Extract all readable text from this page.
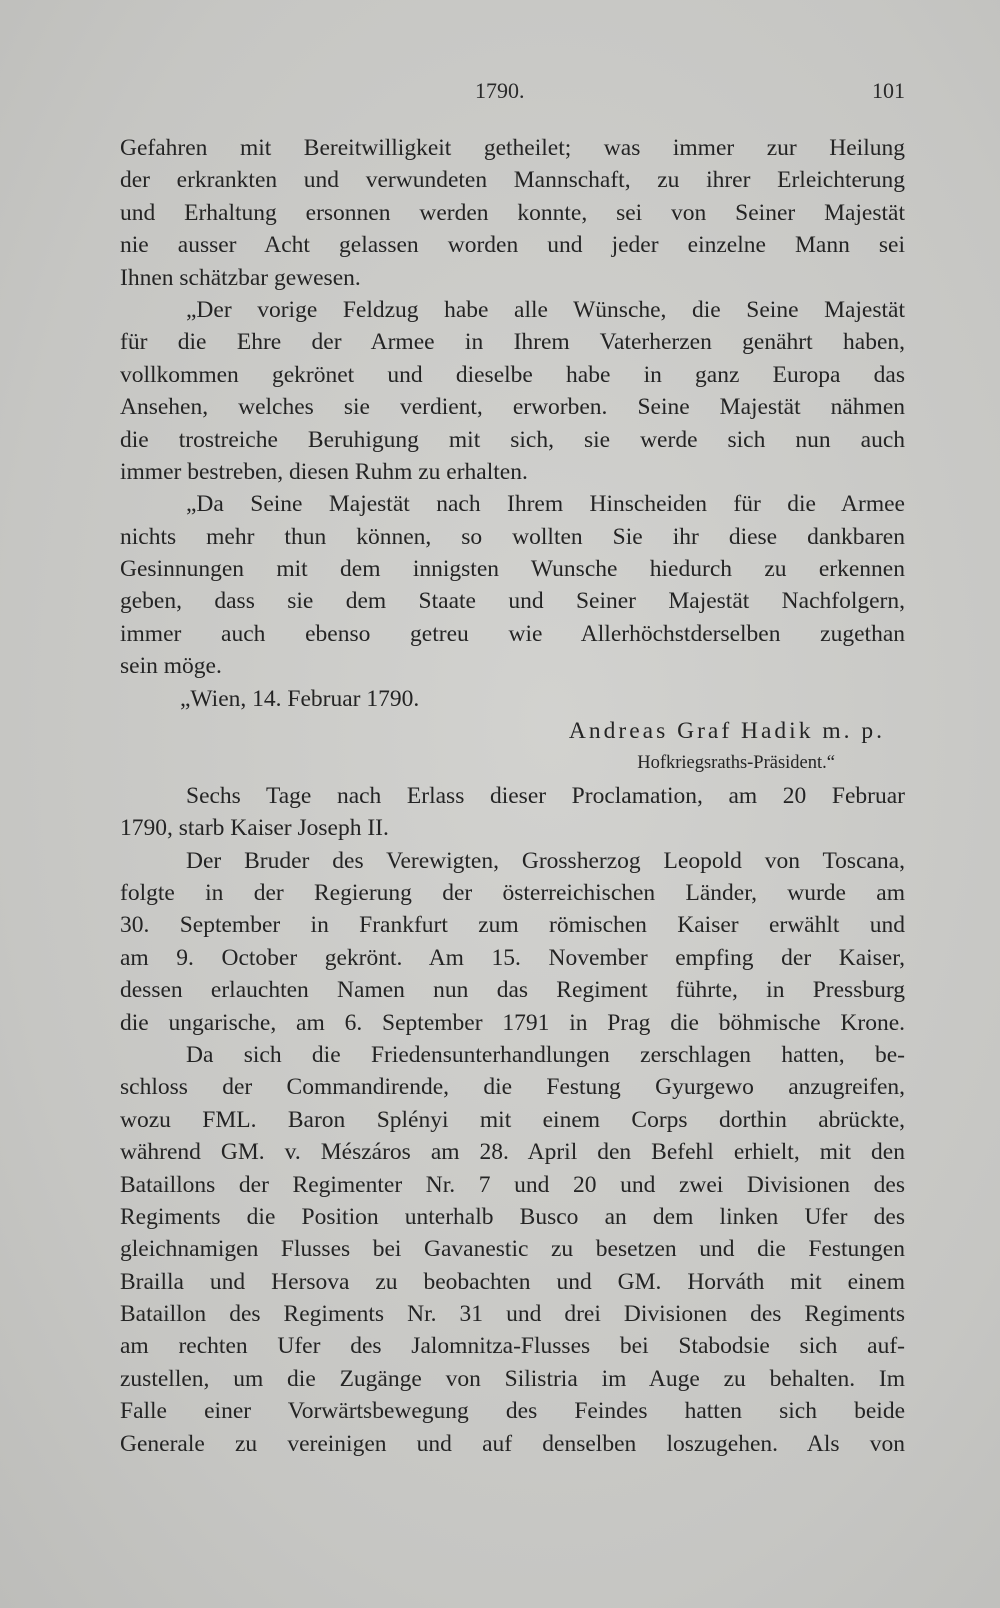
1790.	101
Gefahren mit Bereitwilligkeit getheilet; was immer zur Heilung
der erkrankten und verwundeten Mannschaft, zu ihrer Erleichterung
und Erhaltung ersonnen werden konnte, sei von Seiner Majestät
nie ausser Acht gelassen worden und jeder einzelne Mann sei
Ihnen schätzbar gewesen.
„Der vorige Feldzug habe alle Wünsche, die Seine Majestät
für die Ehre der Armee in Ihrem Vaterherzen genährt haben,
vollkommen gekrönet und dieselbe habe in ganz Europa das
Ansehen, welches sie verdient, erworben. Seine Majestät nähmen
die trostreiche Beruhigung mit sich, sie werde sich nun auch
immer bestreben, diesen Ruhm zu erhalten.
„Da Seine Majestät nach Ihrem Hinscheiden für die Armee
nichts mehr thun können, so wollten Sie ihr diese dankbaren
Gesinnungen mit dem innigsten Wunsche hiedurch zu erkennen
geben, dass sie dem Staate und Seiner Majestät Nachfolgern,
immer auch ebenso getreu wie Allerhöchstderselben zugethan
sein möge.
„Wien, 14. Februar 1790.
Andreas Graf Hadik m. p.
Hofkriegsraths-Präsident.“
Sechs Tage nach Erlass dieser Proclamation, am 20 Februar
1790, starb Kaiser Joseph II.
Der Bruder des Verewigten, Grossherzog Leopold von Toscana,
folgte in der Regierung der österreichischen Länder, wurde am
30. September in Frankfurt zum römischen Kaiser erwählt und
am 9. October gekrönt. Am 15. November empfing der Kaiser,
dessen erlauchten Namen nun das Regiment führte, in Pressburg
die ungarische, am 6. September 1791 in Prag die böhmische Krone.
Da sich die Friedensunterhandlungen zerschlagen hatten, be-
schloss der Commandirende, die Festung Gyurgewo anzugreifen,
wozu FML. Baron Splényi mit einem Corps dorthin abrückte,
während GM. v. Mészáros am 28. April den Befehl erhielt, mit den
Bataillons der Regimenter Nr. 7 und 20 und zwei Divisionen des
Regiments die Position unterhalb Busco an dem linken Ufer des
gleichnamigen Flusses bei Gavanestic zu besetzen und die Festungen
Brailla und Hersova zu beobachten und GM. Horváth mit einem
Bataillon des Regiments Nr. 31 und drei Divisionen des Regiments
am rechten Ufer des Jalomnitza-Flusses bei Stabodsie sich auf-
zustellen, um die Zugänge von Silistria im Auge zu behalten. Im
Falle einer Vorwärtsbewegung des Feindes hatten sich beide
Generale zu vereinigen und auf denselben loszugehen. Als von
